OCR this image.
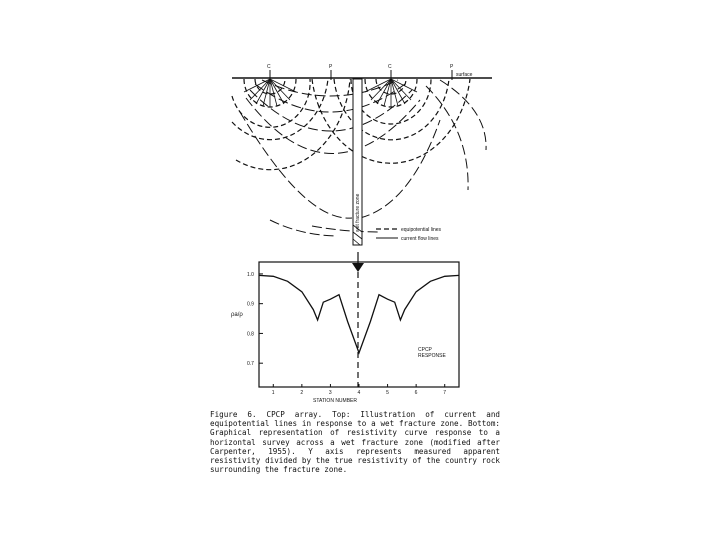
surface
C	P	C	P
wet fracture zone	equipotential lines
current flow lines
1.0
0.9
0.8
0.7
1	2	3	4	5	6	7
ρa/ρ
STATION NUMBER
CPCP
RESPONSE
Figure 6. CPCP array. Top: Illustration of current and equipotential lines in response to a wet fracture zone. Bottom: Graphical representation of resistivity curve response to a horizontal survey across a wet fracture zone (modified after Carpenter, 1955). Y axis represents measured apparent resistivity divided by the true resistivity of the country rock surrounding the fracture zone.
